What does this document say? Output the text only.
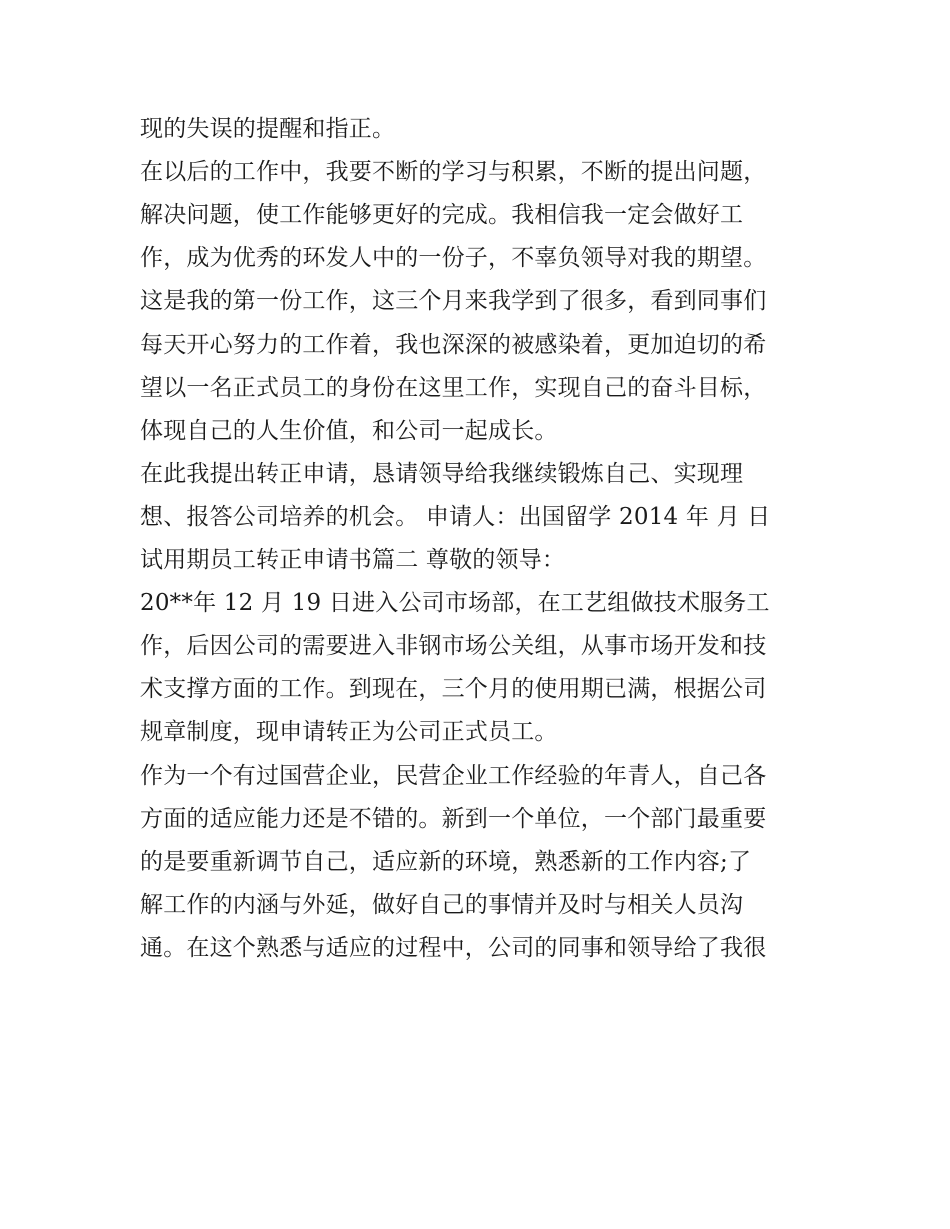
现的失误的提醒和指正。

在以后的工作中，我要不断的学习与积累，不断的提出问题，

解决问题，使工作能够更好的完成。我相信我一定会做好工

作，成为优秀的环发人中的一份子，不辜负领导对我的期望。

这是我的第一份工作，这三个月来我学到了很多，看到同事们

每天开心努力的工作着，我也深深的被感染着，更加迫切的希

望以一名正式员工的身份在这里工作，实现自己的奋斗目标，

体现自己的人生价值，和公司一起成长。

在此我提出转正申请，恳请领导给我继续锻炼自己、实现理

想、报答公司培养的机会。 申请人：出国留学 2014 年 月 日

试用期员工转正申请书篇二 尊敬的领导：

20**年 12 月 19 日进入公司市场部，在工艺组做技术服务工

作，后因公司的需要进入非钢市场公关组，从事市场开发和技

术支撑方面的工作。到现在，三个月的使用期已满，根据公司

规章制度，现申请转正为公司正式员工。

作为一个有过国营企业，民营企业工作经验的年青人，自己各

方面的适应能力还是不错的。新到一个单位，一个部门最重要

的是要重新调节自己，适应新的环境，熟悉新的工作内容;了

解工作的内涵与外延，做好自己的事情并及时与相关人员沟

通。在这个熟悉与适应的过程中，公司的同事和领导给了我很
